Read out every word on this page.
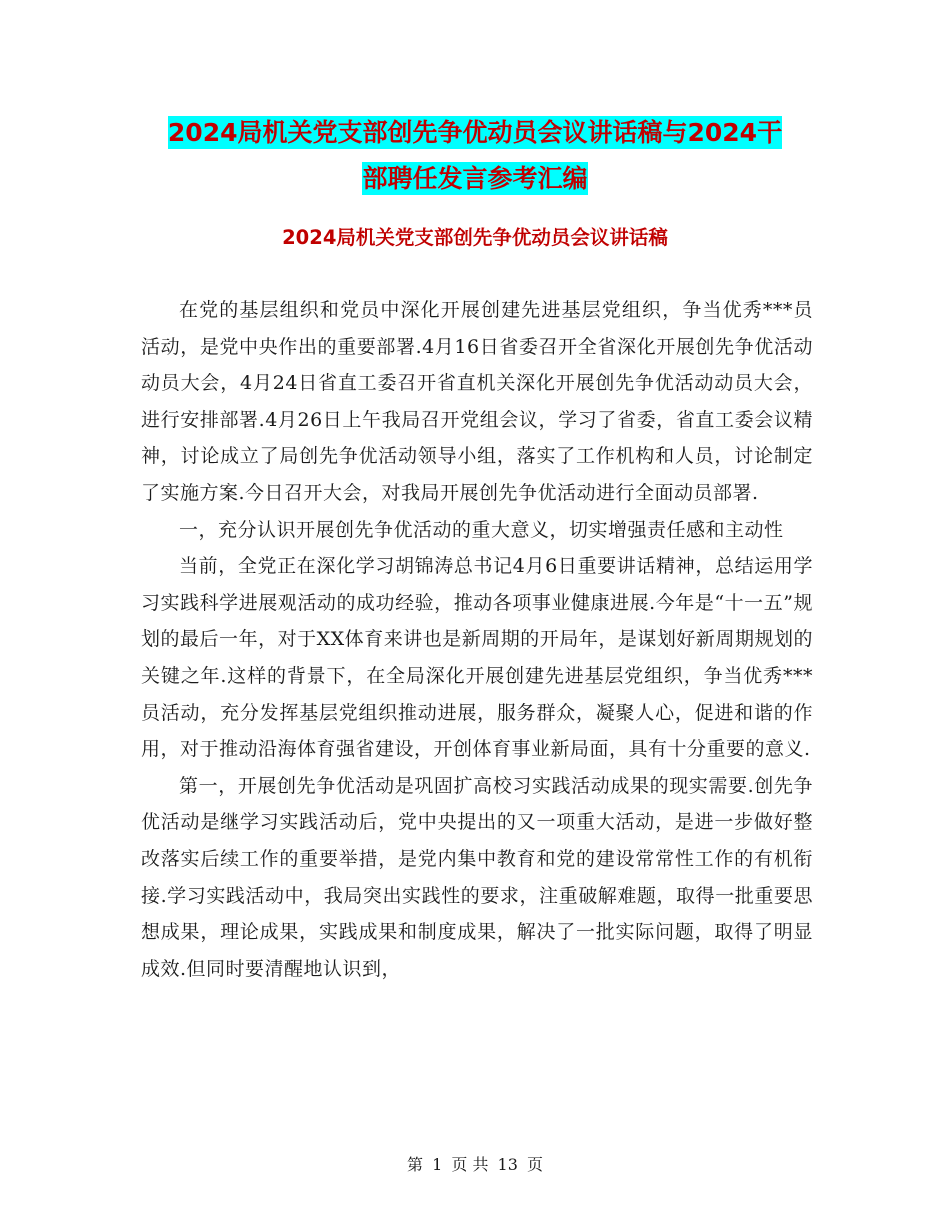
2024局机关党支部创先争优动员会议讲话稿与2024干
部聘任发言参考汇编
2024局机关党支部创先争优动员会议讲话稿

在党的基层组织和党员中深化开展创建先进基层党组织，争当优秀***员活动，是党中央作出的重要部署.4月16日省委召开全省深化开展创先争优活动动员大会，4月24日省直工委召开省直机关深化开展创先争优活动动员大会，进行安排部署.4月26日上午我局召开党组会议，学习了省委，省直工委会议精神，讨论成立了局创先争优活动领导小组，落实了工作机构和人员，讨论制定了实施方案.今日召开大会，对我局开展创先争优活动进行全面动员部署.

一，充分认识开展创先争优活动的重大意义，切实增强责任感和主动性

当前，全党正在深化学习胡锦涛总书记4月6日重要讲话精神，总结运用学习实践科学进展观活动的成功经验，推动各项事业健康进展.今年是“十一五”规划的最后一年，对于XX体育来讲也是新周期的开局年，是谋划好新周期规划的关键之年.这样的背景下，在全局深化开展创建先进基层党组织，争当优秀***员活动，充分发挥基层党组织推动进展，服务群众，凝聚人心，促进和谐的作用，对于推动沿海体育强省建设，开创体育事业新局面，具有十分重要的意义.

第一，开展创先争优活动是巩固扩高校习实践活动成果的现实需要.创先争优活动是继学习实践活动后，党中央提出的又一项重大活动，是进一步做好整改落实后续工作的重要举措，是党内集中教育和党的建设常常性工作的有机衔接.学习实践活动中，我局突出实践性的要求，注重破解难题，取得一批重要思想成果，理论成果，实践成果和制度成果，解决了一批实际问题，取得了明显成效.但同时要清醒地认识到，

第 1 页 共 13 页
